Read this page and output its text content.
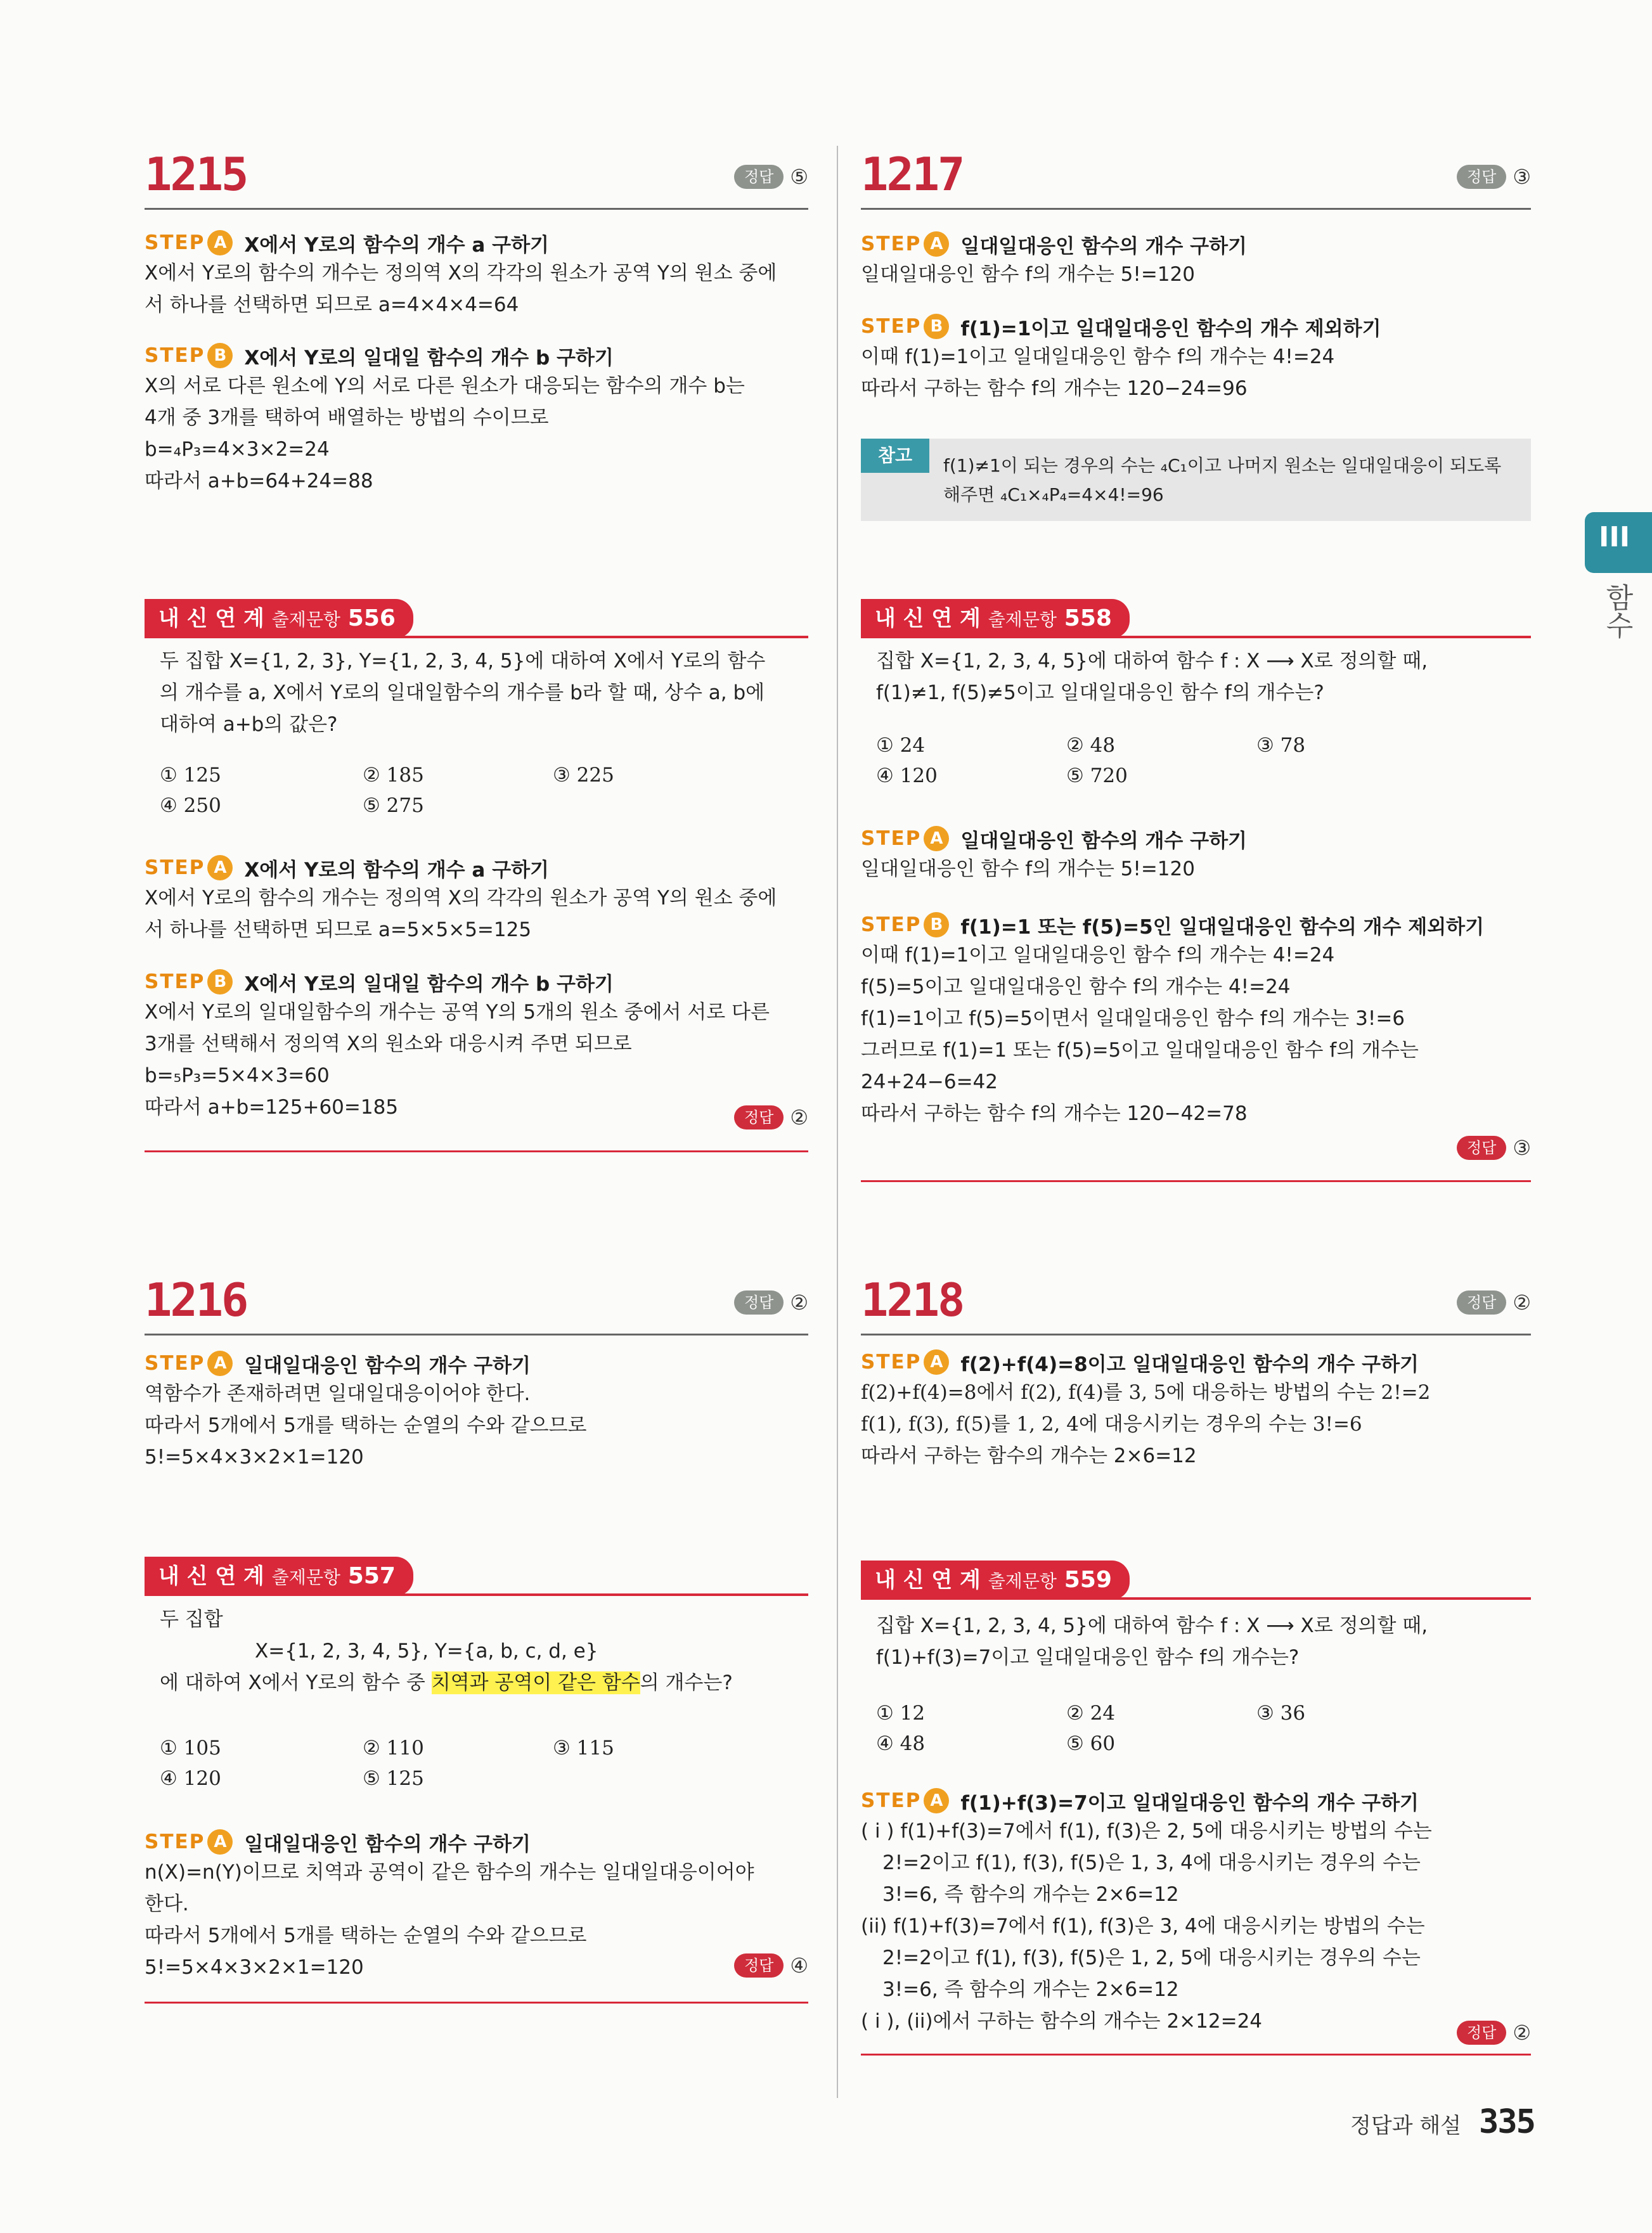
1215	정답 ⑤
STEP A X에서 Y로의 함수의 개수 a 구하기
X에서 Y로의 함수의 개수는 정의역 X의 각각의 원소가 공역 Y의 원소 중에
서 하나를 선택하면 되므로 a=4×4×4=64
STEP B X에서 Y로의 일대일 함수의 개수 b 구하기
X의 서로 다른 원소에 Y의 서로 다른 원소가 대응되는 함수의 개수 b는
4개 중 3개를 택하여 배열하는 방법의 수이므로
b=₄P₃=4×3×2=24
따라서 a+b=64+24=88
내 신 연 계 출제문항 556
두 집합 X={1, 2, 3}, Y={1, 2, 3, 4, 5}에 대하여 X에서 Y로의 함수
의 개수를 a, X에서 Y로의 일대일함수의 개수를 b라 할 때, 상수 a, b에
대하여 a+b의 값은?
① 125	② 185	③ 225
④ 250	⑤ 275
STEP A X에서 Y로의 함수의 개수 a 구하기
X에서 Y로의 함수의 개수는 정의역 X의 각각의 원소가 공역 Y의 원소 중에
서 하나를 선택하면 되므로 a=5×5×5=125
STEP B X에서 Y로의 일대일 함수의 개수 b 구하기
X에서 Y로의 일대일함수의 개수는 공역 Y의 5개의 원소 중에서 서로 다른
3개를 선택해서 정의역 X의 원소와 대응시켜 주면 되므로
b=₅P₃=5×4×3=60
따라서 a+b=125+60=185	정답 ②
1216	정답 ②
STEP A 일대일대응인 함수의 개수 구하기
역함수가 존재하려면 일대일대응이어야 한다.
따라서 5개에서 5개를 택하는 순열의 수와 같으므로
5!=5×4×3×2×1=120
내 신 연 계 출제문항 557
두 집합
X={1, 2, 3, 4, 5}, Y={a, b, c, d, e}
에 대하여 X에서 Y로의 함수 중 치역과 공역이 같은 함수의 개수는?
① 105	② 110	③ 115
④ 120	⑤ 125
STEP A 일대일대응인 함수의 개수 구하기
n(X)=n(Y)이므로 치역과 공역이 같은 함수의 개수는 일대일대응이어야
한다.
따라서 5개에서 5개를 택하는 순열의 수와 같으므로
5!=5×4×3×2×1=120	정답 ④
1217	정답 ③
STEP A 일대일대응인 함수의 개수 구하기
일대일대응인 함수 f의 개수는 5!=120
STEP B f(1)=1이고 일대일대응인 함수의 개수 제외하기
이때 f(1)=1이고 일대일대응인 함수 f의 개수는 4!=24
따라서 구하는 함수 f의 개수는 120−24=96
참고	f(1)≠1이 되는 경우의 수는 ₄C₁이고 나머지 원소는 일대일대응이 되도록
해주면 ₄C₁×₄P₄=4×4!=96
내 신 연 계 출제문항 558
집합 X={1, 2, 3, 4, 5}에 대하여 함수 f : X ⟶ X로 정의할 때,
f(1)≠1, f(5)≠5이고 일대일대응인 함수 f의 개수는?
① 24	② 48	③ 78
④ 120	⑤ 720
STEP A 일대일대응인 함수의 개수 구하기
일대일대응인 함수 f의 개수는 5!=120
STEP B f(1)=1 또는 f(5)=5인 일대일대응인 함수의 개수 제외하기
이때 f(1)=1이고 일대일대응인 함수 f의 개수는 4!=24
f(5)=5이고 일대일대응인 함수 f의 개수는 4!=24
f(1)=1이고 f(5)=5이면서 일대일대응인 함수 f의 개수는 3!=6
그러므로 f(1)=1 또는 f(5)=5이고 일대일대응인 함수 f의 개수는
24+24−6=42
따라서 구하는 함수 f의 개수는 120−42=78
정답 ③
1218	정답 ②
STEP A f(2)+f(4)=8이고 일대일대응인 함수의 개수 구하기
f(2)+f(4)=8에서 f(2), f(4)를 3, 5에 대응하는 방법의 수는 2!=2
f(1), f(3), f(5)를 1, 2, 4에 대응시키는 경우의 수는 3!=6
따라서 구하는 함수의 개수는 2×6=12
내 신 연 계 출제문항 559
집합 X={1, 2, 3, 4, 5}에 대하여 함수 f : X ⟶ X로 정의할 때,
f(1)+f(3)=7이고 일대일대응인 함수 f의 개수는?
① 12	② 24	③ 36
④ 48	⑤ 60
STEP A f(1)+f(3)=7이고 일대일대응인 함수의 개수 구하기
( i ) f(1)+f(3)=7에서 f(1), f(3)은 2, 5에 대응시키는 방법의 수는
2!=2이고 f(1), f(3), f(5)은 1, 3, 4에 대응시키는 경우의 수는
3!=6, 즉 함수의 개수는 2×6=12
(ii) f(1)+f(3)=7에서 f(1), f(3)은 3, 4에 대응시키는 방법의 수는
2!=2이고 f(1), f(3), f(5)은 1, 2, 5에 대응시키는 경우의 수는
3!=6, 즉 함수의 개수는 2×6=12
( i ), (ii)에서 구하는 함수의 개수는 2×12=24	정답 ②
III
함수
정답과 해설 335
